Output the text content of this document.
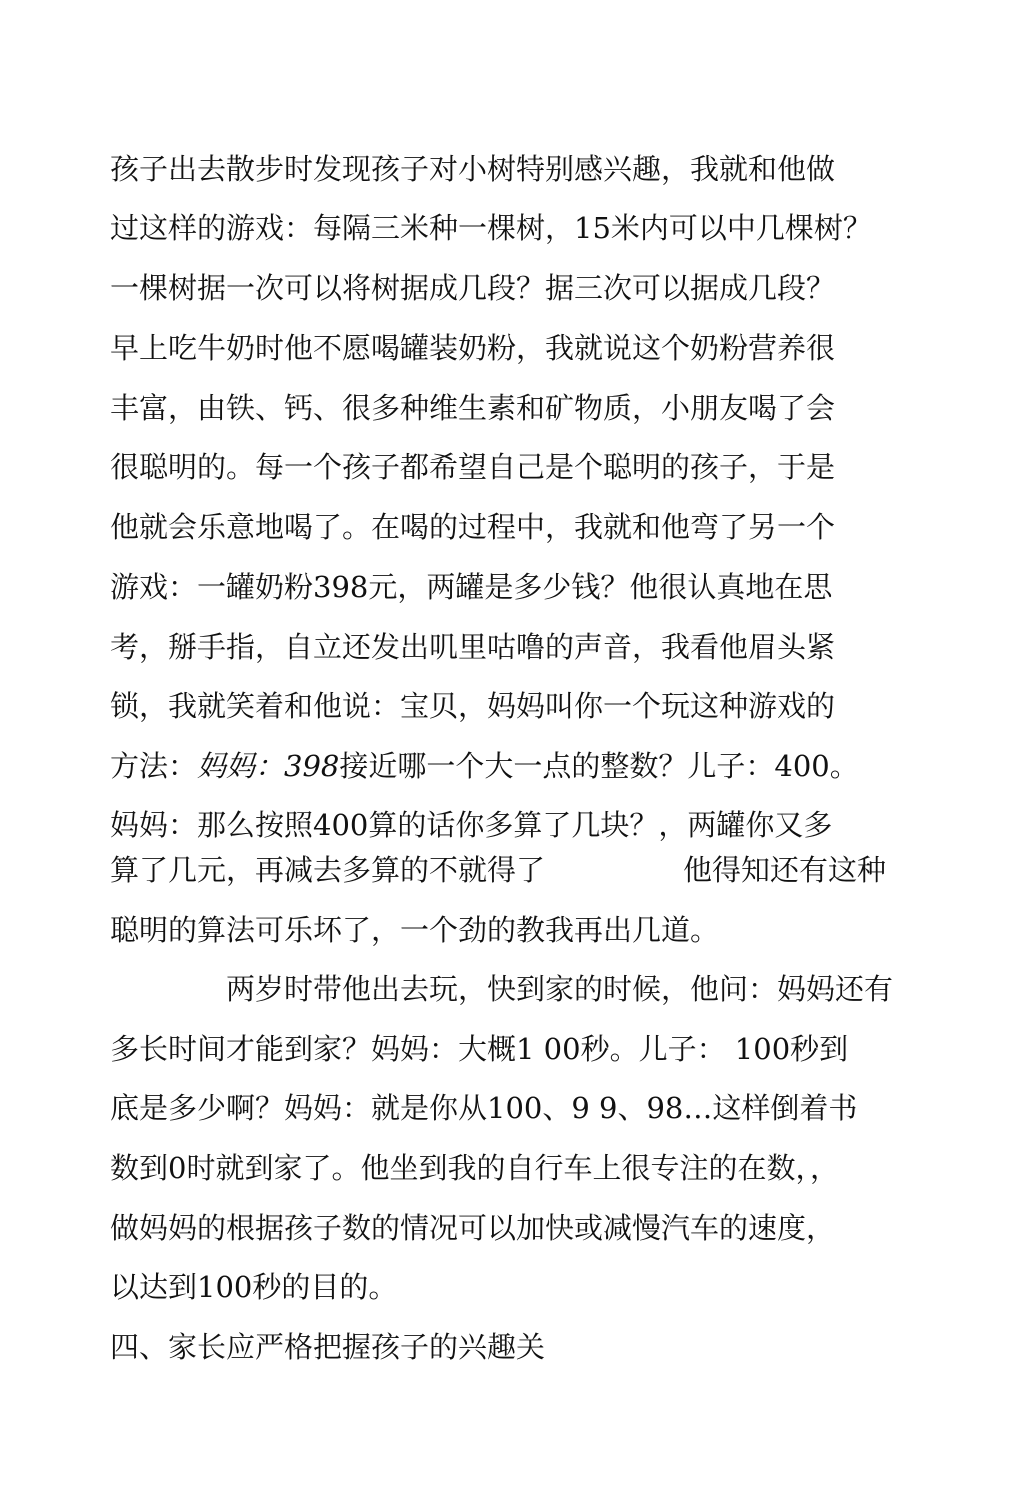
孩子出去散步时发现孩子对小树特别感兴趣，我就和他做
过这样的游戏：每隔三米种一棵树，15米内可以中几棵树？
一棵树据一次可以将树据成几段？据三次可以据成几段？
早上吃牛奶时他不愿喝罐装奶粉，我就说这个奶粉营养很
丰富，由铁、钙、很多种维生素和矿物质，小朋友喝了会
很聪明的。每一个孩子都希望自己是个聪明的孩子，于是
他就会乐意地喝了。在喝的过程中，我就和他弯了另一个
游戏：一罐奶粉398元，两罐是多少钱？他很认真地在思
考，掰手指，自立还发出叽里咕噜的声音，我看他眉头紧
锁，我就笑着和他说：宝贝，妈妈叫你一个玩这种游戏的
方法：妈妈：398接近哪一个大一点的整数？儿子：400。
妈妈：那么按照400算的话你多算了几块？，两罐你又多
算了几元，再减去多算的不就得了	他得知还有这种
聪明的算法可乐坏了，一个劲的教我再出几道。
两岁时带他出去玩，快到家的时候，他问：妈妈还有
多长时间才能到家？妈妈：大概1 00秒。儿子： 100秒到
底是多少啊？妈妈：就是你从100、9 9、98…这样倒着书
数到0时就到家了。他坐到我的自行车上很专注的在数，，
做妈妈的根据孩子数的情况可以加快或减慢汽车的速度，
以达到100秒的目的。
四、家长应严格把握孩子的兴趣关
